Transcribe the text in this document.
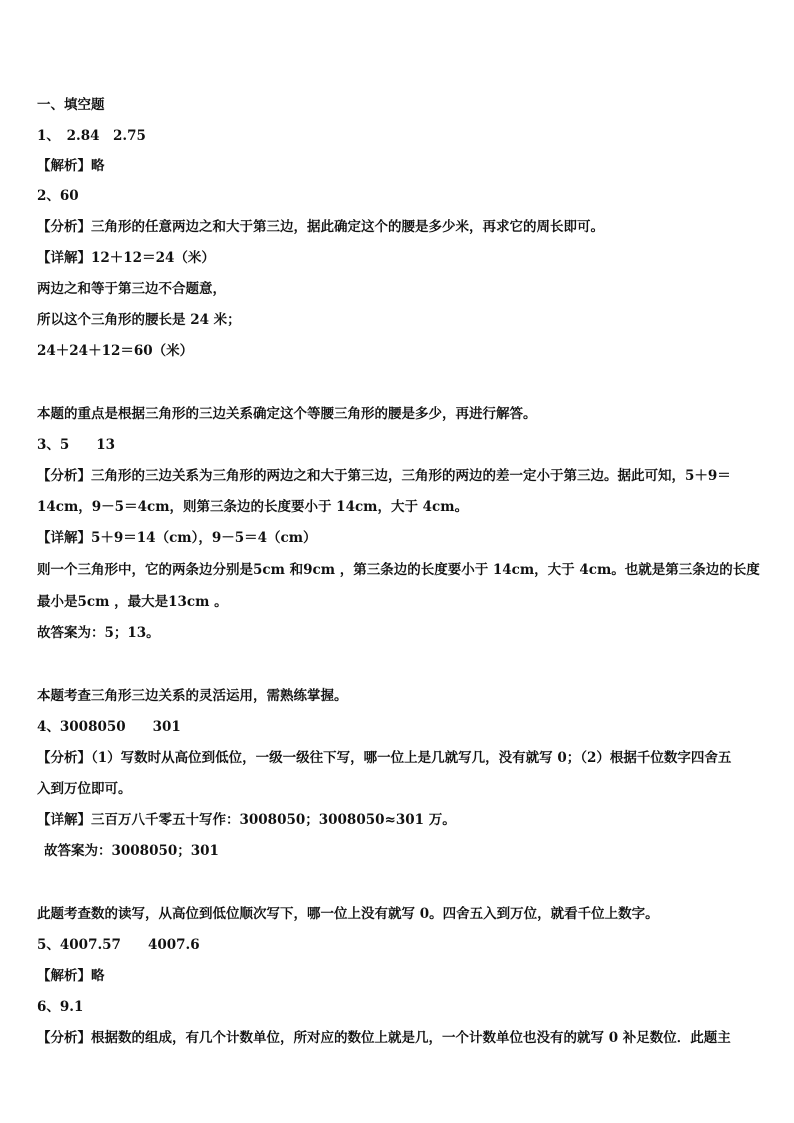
一、填空题
1、　2.84　2.75
【解析】略
2、60
【分析】三角形的任意两边之和大于第三边，据此确定这个的腰是多少米，再求它的周长即可。
【详解】12＋12＝24（米）
两边之和等于第三边不合题意，
所以这个三角形的腰长是 24 米；
24＋24＋12＝60（米）
本题的重点是根据三角形的三边关系确定这个等腰三角形的腰是多少，再进行解答。
3、5　　13
【分析】三角形的三边关系为三角形的两边之和大于第三边，三角形的两边的差一定小于第三边。据此可知，5＋9＝
14cm，9－5＝4cm，则第三条边的长度要小于 14cm，大于 4cm。
【详解】5＋9＝14（cm），9－5＝4（cm）
则一个三角形中，它的两条边分别是5cm 和9cm ，第三条边的长度要小于 14cm，大于 4cm。也就是第三条边的长度
最小是5cm ，最大是13cm 。
故答案为：5；13。
本题考查三角形三边关系的灵活运用，需熟练掌握。
4、3008050　　301
【分析】（1）写数时从高位到低位，一级一级往下写，哪一位上是几就写几，没有就写 0；（2）根据千位数字四舍五
入到万位即可。
【详解】三百万八千零五十写作：3008050；3008050≈301 万。
故答案为：3008050；301
此题考查数的读写，从高位到低位顺次写下，哪一位上没有就写 0。四舍五入到万位，就看千位上数字。
5、4007.57　　4007.6
【解析】略
6、9.1
【分析】根据数的组成，有几个计数单位，所对应的数位上就是几，一个计数单位也没有的就写 0 补足数位．此题主
